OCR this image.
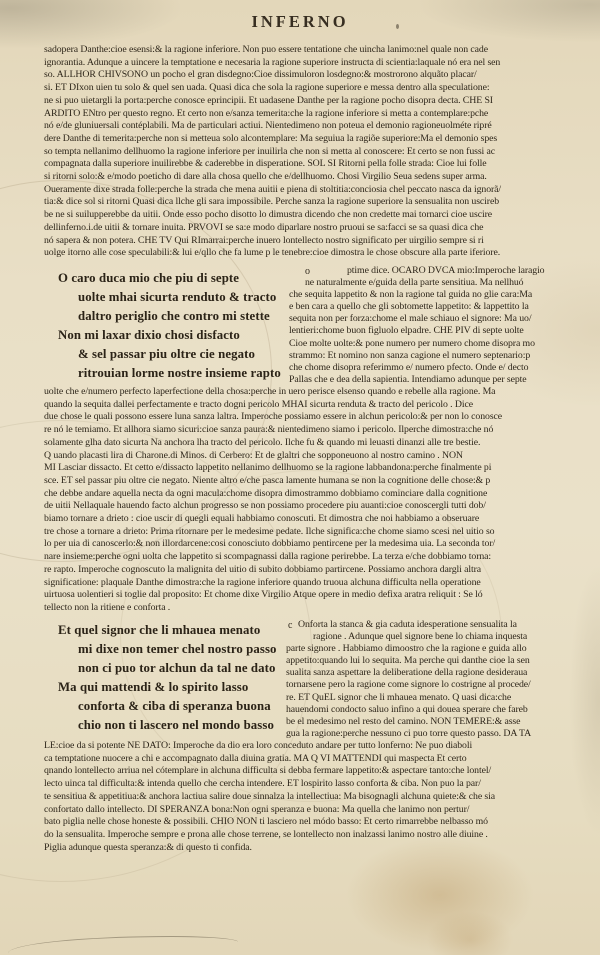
INFERNO
sadopera Danthe:cioe esensi:& la ragione inferiore. Non puo essere tentatione che uincha lanimo:nel quale non cade
ignorantia. Adunque a uincere la temptatione e necesaria la ragione superiore instructa di scientia:laquale nó era nel sen
so. ALLHOR CHIVSONO un pocho el gran disdegno:Cioe dissimuloron losdegno:& mostrorono alquãto placar/
si. ET DIxon uien tu solo & quel sen uada. Quasi dica che sola la ragione superiore e messa dentro alla speculatione:
ne si puo uietargli la porta:perche conosce eprincipii. Et uadasene Danthe per la ragione pocho disopra decta. CHE SI
ARDITO ENtro per questo regno. Et certo non e/sanza temerita:che la ragione inferiore si metta a contemplare:pche
nó e/de gluniuersali contéplabili. Ma de particulari actiui. Nientedimeno non poteua el demonio ragioneuolméte ripré
dere Danthe di temerita:perche non si metteua solo alcontemplare: Ma seguiua la ragiõe superiore:Ma el demonio spes
so tempta nellanimo dellhuomo la ragione inferiore per inuilirla che non si metta al conoscere: Et certo se non fussi ac
compagnata dalla superiore inuilirebbe & caderebbe in disperatione. SOL SI Ritorni pella folle strada: Cioe lui folle
si ritorni solo:& e/modo poeticho di dare alla chosa quello che e/dellhuomo. Chosi Virgilio Seua sedens super arma.
Oueramente dixe strada folle:perche la strada che mena auitii e piena di stoltitia:conciosia chel peccato nasca da ignorã/
tia:& dice sol si ritorni Quasi dica llche gli sara impossibile. Perche sanza la ragione superiore la sensualita non uscireb
be ne si suilupperebbe da uitii. Onde esso pocho disotto lo dimustra dicendo che non credette mai tornarci cioe uscire
dellinferno.i.de uitii & tornare inuita. PRVOVI se sa:e modo diparlare nostro pruoui se sa:facci se sa quasi dica che
nó sapera & non potera. CHE TV Qui RImarrai:perche inuero lontellecto nostro significato per uirgilio sempre si ri
uolge itorno alle cose speculabili:& lui e/qllo che fa lume p le tenebre:cioe dimostra le chose obscure alla parte iferiore.
O caro duca mio che piu di septe
uolte mhai sicurta renduto & tracto
daltro periglio che contro mi stette
Non mi laxar dixio chosi disfacto
& sel passar piu oltre cie negato
ritrouian lorme nostre insieme rapto
o	ptime dice. OCARO DVCA mio:Imperoche laragio
ne naturalmente e/guida della parte sensitiua. Ma nellhuó
che sequita lappetito & non la ragione tal guida no glie cara:Ma
e ben cara a quello che gli sobtomette lappetito: & lappettito la
sequita non per forza:chome el male schiauo el signore: Ma uo/
lentieri:chome buon figluolo elpadre. CHE PIV di septe uolte
Cioe molte uolte:& pone numero per numero chome disopra mo
strammo: Et nomino non sanza cagione el numero septenario:p
che chome disopra referimmo e/ numero pfecto. Onde e/ decto
Pallas che e dea della sapientia. Intendiamo adunque per septe
uolte che e/numero perfecto laperfectione della chosa:perche in uero perisce elsenso quando e rebelle alla ragione. Ma
quando la sequita dallei perfectamente e tracto dogni pericolo MHAI sicurta renduta & tracto del pericolo . Dice
due chose le quali possono essere luna sanza laltra. Imperoche possiamo essere in alchun pericolo:& per non lo conosce
re nó le temiamo. Et allhora siamo sicuri:cioe sanza paura:& nientedimeno siamo i pericolo. Ilperche dimostra:che nó
solamente glha dato sicurta Na anchora lha tracto del pericolo. Ilche fu & quando mi leuasti dinanzi alle tre bestie.
Q uando placasti lira di Charone.di Minos. di Cerbero: Et de glaltri che sopponeuono al nostro camino . NON
MI Lasciar dissacto. Et cetto e/dissacto lappetito nellanimo dellhuomo se la ragione labbandona:perche finalmente pi
sce. ET sel passar piu oltre cie negato. Niente altro e/che pasca lamente humana se non la cognitione delle chose:& p
che debbe andare aquella necta da ogni macula:chome disopra dimostrammo dobbiamo cominciare dalla cognitione
de uitii Nellaquale hauendo facto alchun progresso se non possiamo procedere piu auanti:cioe conoscergli tutti dob/
biamo tornare a drieto : cioe uscir di quegli equali habbiamo conoscuti. Et dimostra che noi habbiamo a obseruare
tre chose a tornare a drieto: Prima ritornare per le medesime pedate. Ilche significa:che chome siamo scesi nel uitio so
lo per uia di canoscerlo:& non illordarcene:cosi conosciuto dobbiamo pentircene per la medesima uia. La seconda tor/
nare insieme:perche ogni uolta che lappetito si scompagnassi dalla ragione perirebbe. La terza e/che dobbiamo torna:
re rapto. Imperoche cognoscuto la malignita del uitio di subito dobbiamo partircene. Possiamo anchora dargli altra
significatione: plaquale Danthe dimostra:che la ragione inferiore quando truoua alchuna difficulta nella operatione
uirtuosa uolentieri si toglie dal proposito: Et chome dixe Virgilio Atque opere in medio defixa aratra reliquit : Se ló
tellecto non la ritiene e conforta .
Et quel signor che li mhauea menato
mi dixe non temer chel nostro passo
non ci puo tor alchun da tal ne dato
Ma qui mattendi & lo spirito lasso
conforta & ciba di speranza buona
chio non ti lascero nel mondo basso
c Onforta la stanca & gia caduta idesperatione sensualita la
ragione . Adunque quel signore bene lo chiama inquesta
parte signore . Habbiamo dimoostro che la ragione e guida allo
appetito:quando lui lo sequita. Ma perche qui danthe cioe la sen
sualita sanza aspettare la deliberatione della ragione desideraua
tornarsene pero la ragione come signore lo costrigne al procede/
re. ET QuEL signor che li mhauea menato. Q uasi dica:che
hauendomi condocto saluo infino a qui douea sperare che fareb
be el medesimo nel resto del camino. NON TEMERE:& asse
gua la ragione:perche nessuno ci puo torre questo passo. DA TA
LE:cioe da si potente NE DATO: Imperoche da dio era loro conceduto andare per tutto lonferno: Ne puo diaboli
ca temptatione nuocere a chi e accompagnato dalla diuina gratia. MA Q VI MATTENDI qui maspecta Et certo
qnando lontellecto arriua nel cótemplare in alchuna difficulta si debba fermare lappetito:& aspectare tanto:che lontel/
lecto uinca tal difficulta:& intenda quello che cercha intendere. ET lospirito lasso conforta & ciba. Non puo la par/
te sensitiua & appetitiua:& anchora lactiua salire doue sinnalza la intellectiua: Ma bisognagli alchuna quiete:& che sia
confortato dallo intellecto. DI SPERANZA bona:Non ogni speranza e buona: Ma quella che lanimo non pertur/
bato piglia nelle chose honeste & possibili. CHIO NON ti lasciero nel módo basso: Et certo rimarrebbe nelbasso mó
do la sensualita. Imperoche sempre e prona alle chose terrene, se lontellecto non inalzassi lanimo nostro alle diuine .
Piglia adunque questa speranza:& di questo ti confida.
